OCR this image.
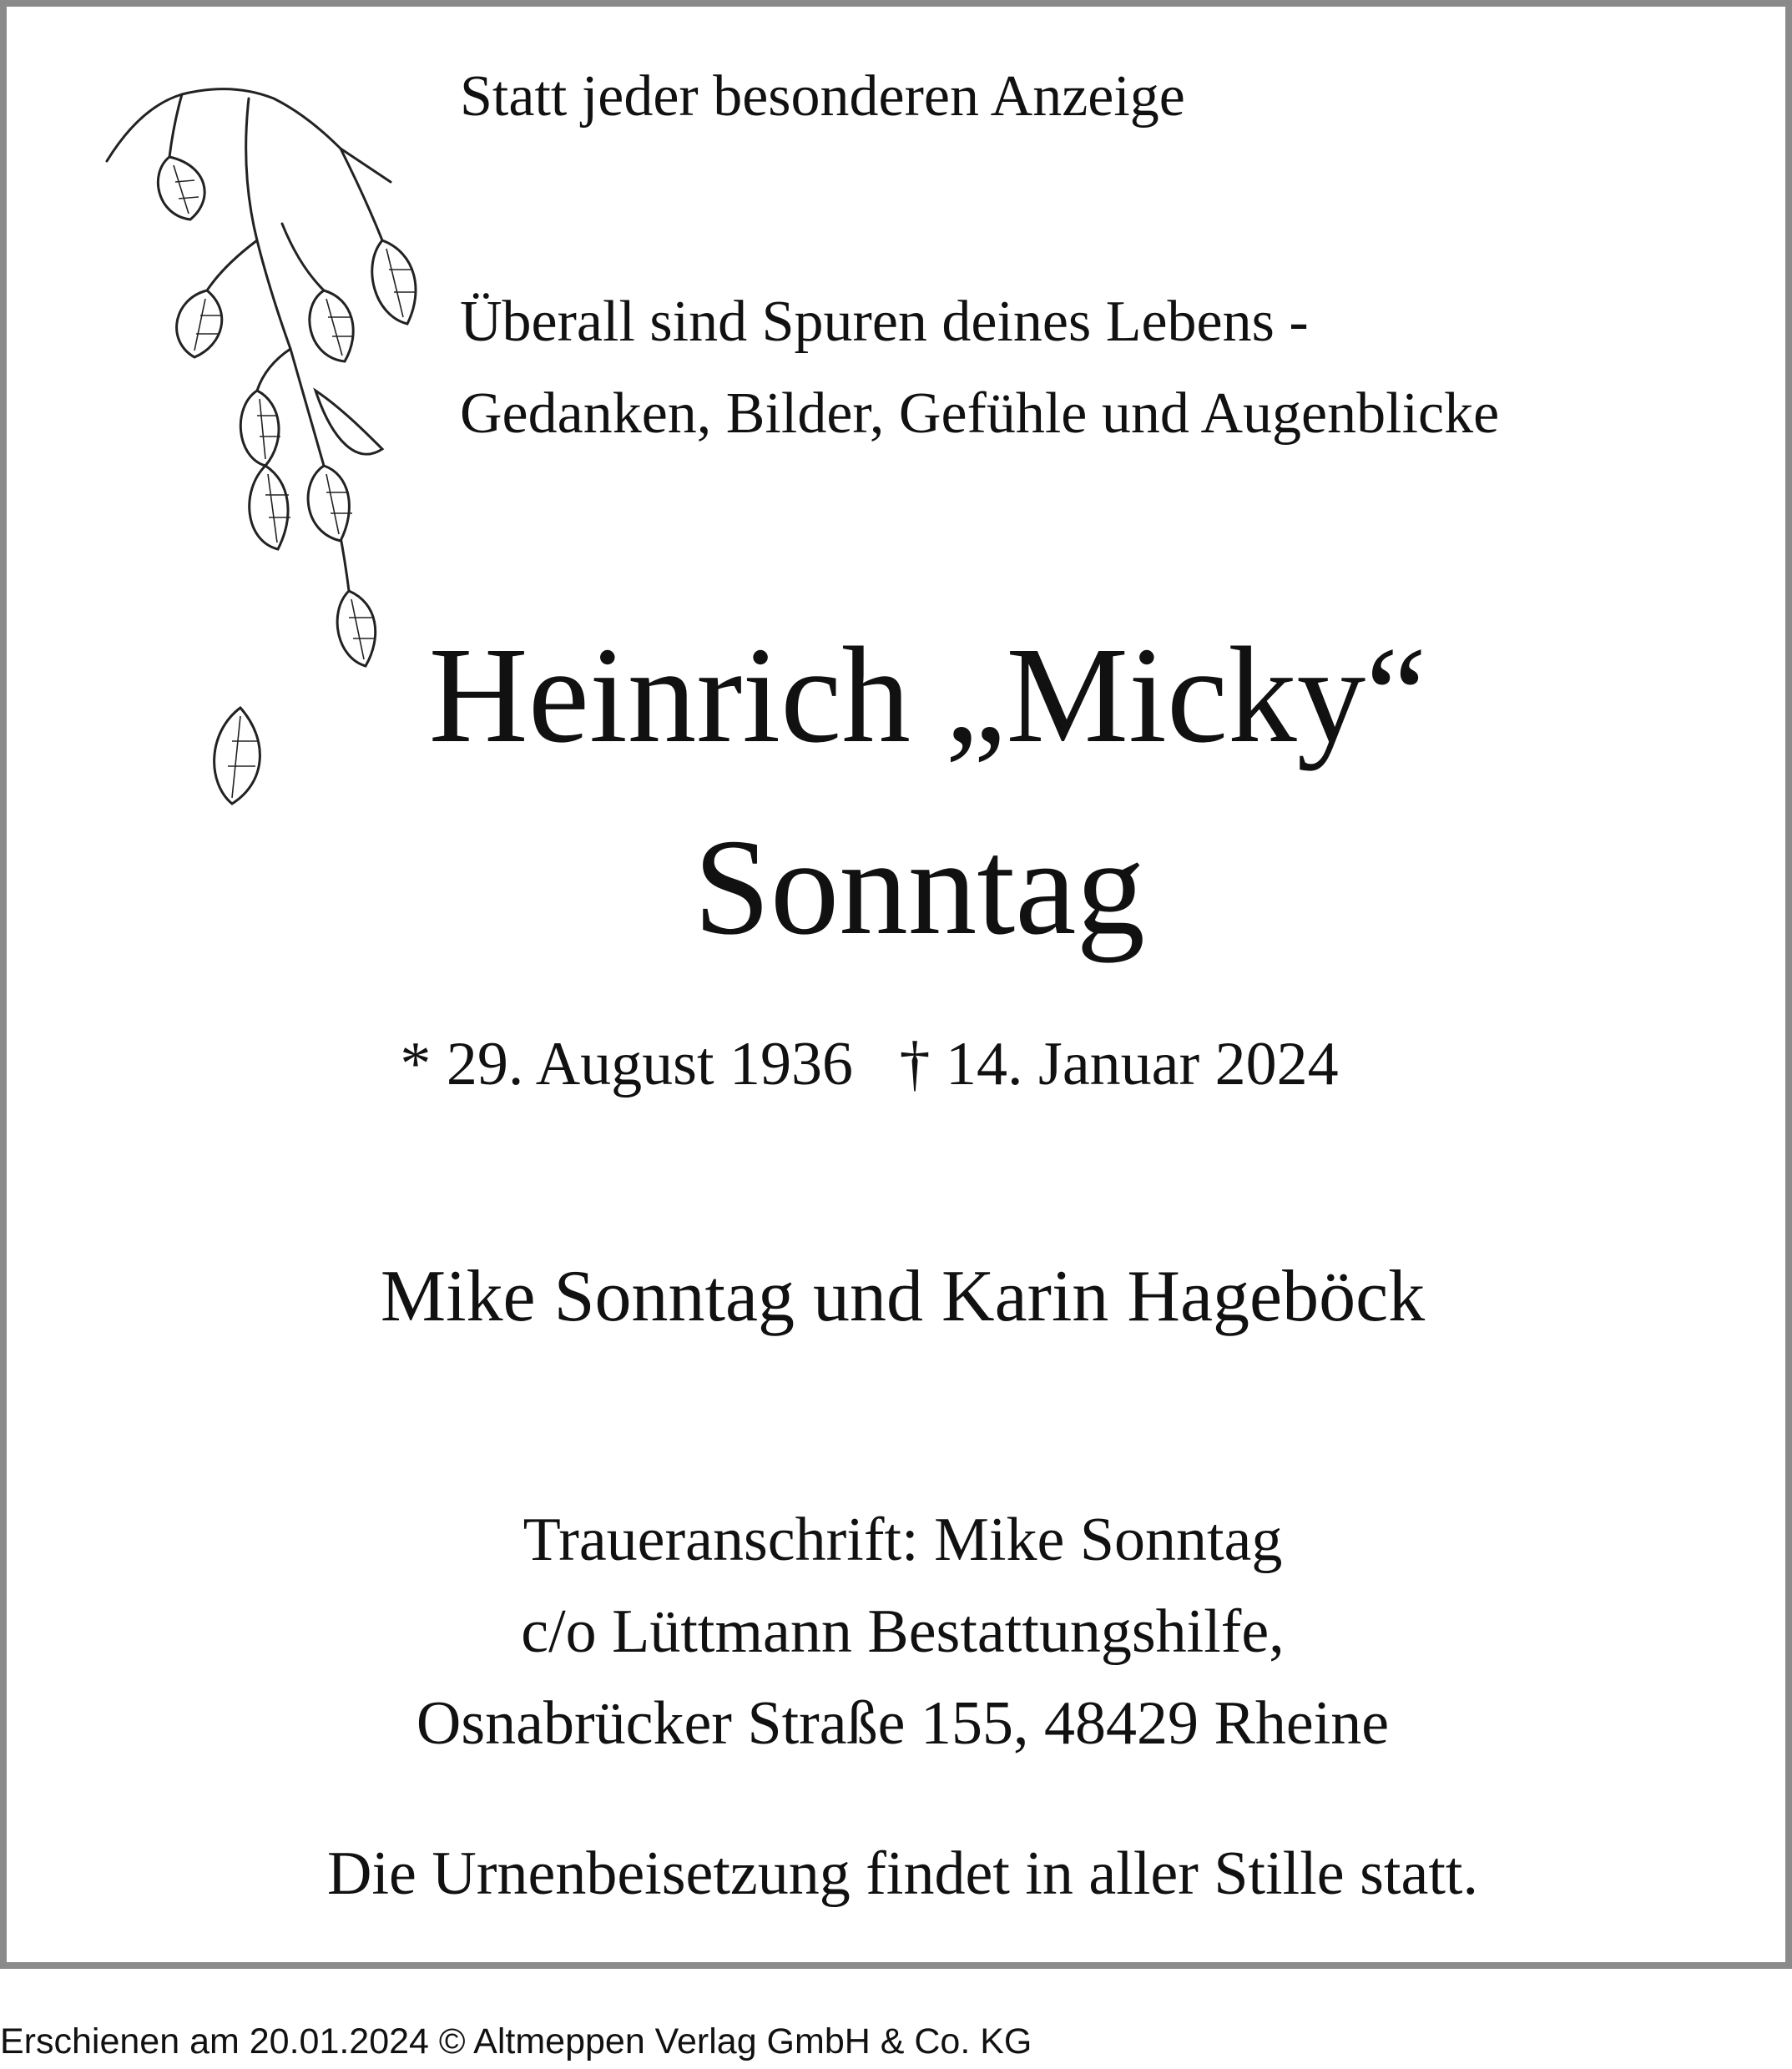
Statt jeder besonderen Anzeige
Überall sind Spuren deines Lebens -
Gedanken, Bilder, Gefühle und Augenblicke
Heinrich „Micky“
Sonntag
* 29. August 1936   † 14. Januar 2024
Mike Sonntag und Karin Hageböck
Traueranschrift: Mike Sonntag
c/o Lüttmann Bestattungshilfe,
Osnabrücker Straße 155, 48429 Rheine
Die Urnenbeisetzung findet in aller Stille statt.
Erschienen am 20.01.2024 © Altmeppen Verlag GmbH & Co. KG
